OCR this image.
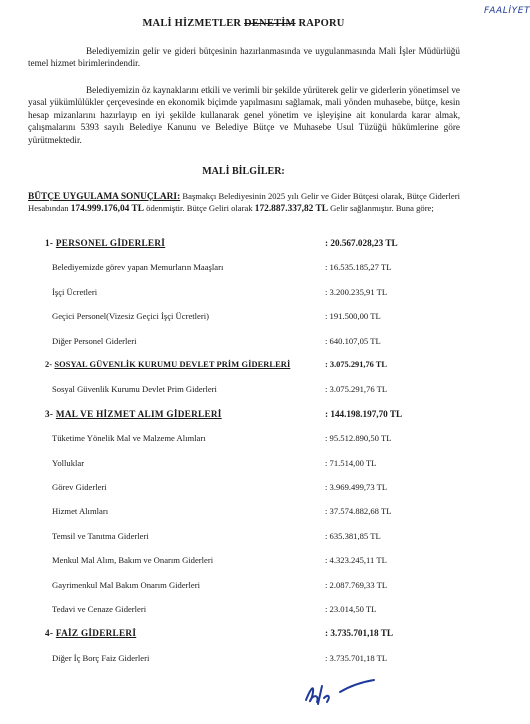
MALİ HİZMETLER DENETİM
FAALİYET
RAPORU
Belediyemizin gelir ve gideri bütçesinin hazırlanmasında ve uygulanmasında Mali İşler Müdürlüğü temel hizmet birimlerindendir.
Belediyemizin öz kaynaklarını etkili ve verimli bir şekilde yürüterek gelir ve giderlerin yönetimsel ve yasal yükümlülükler çerçevesinde en ekonomik biçimde yapılmasını sağlamak, mali yönden muhasebe, bütçe, kesin hesap mizanlarını hazırlayıp en iyi şekilde kullanarak genel yönetim ve işleyişine ait konularda karar almak, çalışmalarını 5393 sayılı Belediye Kanunu ve Belediye Bütçe ve Muhasebe Usul Tüzüğü hükümlerine göre yürütmektedir.
MALİ BİLGİLER:
BÜTÇE UYGULAMA SONUÇLARI: Başmakçı Belediyesinin 2025 yılı Gelir ve Gider Bütçesi olarak, Bütçe Giderleri Hesabından 174.999.176,04 TL ödenmiştir. Bütçe Geliri olarak 172.887.337,82 TL Gelir sağlanmıştır. Buna göre;
1- PERSONEL GİDERLERİ	: 20.567.028,23 TL
Belediyemizde görev yapan Memurların Maaşları	: 16.535.185,27 TL
İşçi Ücretleri	: 3.200.235,91 TL
Geçici Personel(Vizesiz Geçici İşçi Ücretleri)	: 191.500,00 TL
Diğer Personel Giderleri	: 640.107,05 TL
2- SOSYAL GÜVENLİK KURUMU DEVLET PRİM GİDERLERİ	: 3.075.291,76 TL
Sosyal Güvenlik Kurumu Devlet Prim Giderleri	: 3.075.291,76 TL
3- MAL VE HİZMET ALIM GİDERLERİ	: 144.198.197,70 TL
Tüketime Yönelik Mal ve Malzeme Alımları	: 95.512.890,50 TL
Yolluklar	: 71.514,00 TL
Görev Giderleri	: 3.969.499,73 TL
Hizmet Alımları	: 37.574.882,68 TL
Temsil ve Tanıtma Giderleri	: 635.381,85 TL
Menkul Mal Alım, Bakım ve Onarım Giderleri	: 4.323.245,11 TL
Gayrimenkul Mal Bakım Onarım Giderleri	: 2.087.769,33 TL
Tedavi ve Cenaze Giderleri	: 23.014,50 TL
4- FAİZ GİDERLERİ	: 3.735.701,18 TL
Diğer İç Borç Faiz Giderleri	: 3.735.701,18 TL
